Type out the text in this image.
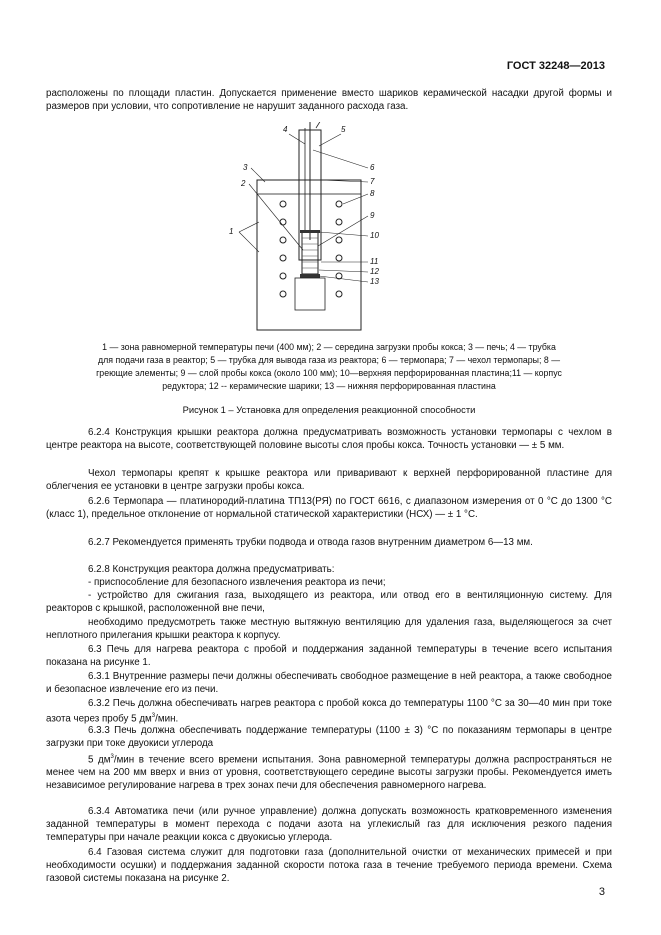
ГОСТ 32248—2013
расположены по площади пластин. Допускается применение вместо шариков керамической насадки другой формы и размеров при условии, что сопротивление не нарушит заданного расхода газа.
1
2
3
4	5
6
7
8
9
10
11
12
13
1 — зона равномерной температуры печи (400 мм); 2 — середина загрузки пробы кокса; 3 — печь; 4 — трубка
для подачи газа в реактор; 5 — трубка для вывода газа из реактора; 6 — термопара; 7 — чехол термопары; 8 —
греющие элементы; 9 — слой пробы кокса (около 100 мм); 10—верхняя перфорированная пластина;11 — корпус
редуктора; 12 -- керамические шарики; 13 — нижняя перфорированная пластина
Рисунок 1 – Установка для определения реакционной способности
6.2.4 Конструкция крышки реактора должна предусматривать возможность установки термопары с чехлом в центре реактора на высоте, соответствующей половине высоты слоя пробы кокса. Точность установки — ± 5 мм.
Чехол термопары крепят к крышке реактора или приваривают к верхней перфорированной пластине для облегчения ее установки в центре загрузки пробы кокса.
6.2.6 Термопара — платинородий-платина ТП13(РЯ) по ГОСТ 6616, с диапазоном измерения от 0 °С до 1300 °С (класс 1), предельное отклонение от нормальной статической характеристики (НСХ) — ± 1 °С.
6.2.7 Рекомендуется применять трубки подвода и отвода газов внутренним диаметром 6—13 мм.
6.2.8 Конструкция реактора должна предусматривать:
- приспособление для безопасного извлечения реактора из печи;
- устройство для сжигания газа, выходящего из реактора, или отвод его в вентиляционную систему. Для реакторов с крышкой, расположенной вне печи,
необходимо предусмотреть также местную вытяжную вентиляцию для удаления газа, выделяющегося за счет неплотного прилегания крышки реактора к корпусу.
6.3 Печь для нагрева реактора с пробой и поддержания заданной температуры в течение всего испытания показана на рисунке 1.
6.3.1 Внутренние размеры печи должны обеспечивать свободное размещение в ней реактора, а также свободное и безопасное извлечение его из печи.
6.3.2 Печь должна обеспечивать нагрев реактора с пробой кокса до температуры 1100 °С за 30—40 мин при токе азота через пробу 5 $дм^3$/мин.
6.3.3 Печь должна обеспечивать поддержание температуры (1100 ± 3) °С по показаниям термопары в центре загрузки при токе двуокиси углерода
5 $дм^3$/мин в течение всего времени испытания. Зона равномерной температуры должна распространяться не менее чем на 200 мм вверх и вниз от уровня, соответствующего середине высоты загрузки пробы. Рекомендуется иметь независимое регулирование нагрева в трех зонах печи для обеспечения равномерного нагрева.
6.3.4 Автоматика печи (или ручное управление) должна допускать возможность кратковременного изменения заданной температуры в момент перехода с подачи азота на углекислый газ для исключения резкого падения температуры при начале реакции кокса с двуокисью углерода.
6.4 Газовая система служит для подготовки газа (дополнительной очистки от механических примесей и при необходимости осушки) и поддержания заданной скорости потока газа в течение требуемого периода времени. Схема газовой системы показана на рисунке 2.
3
